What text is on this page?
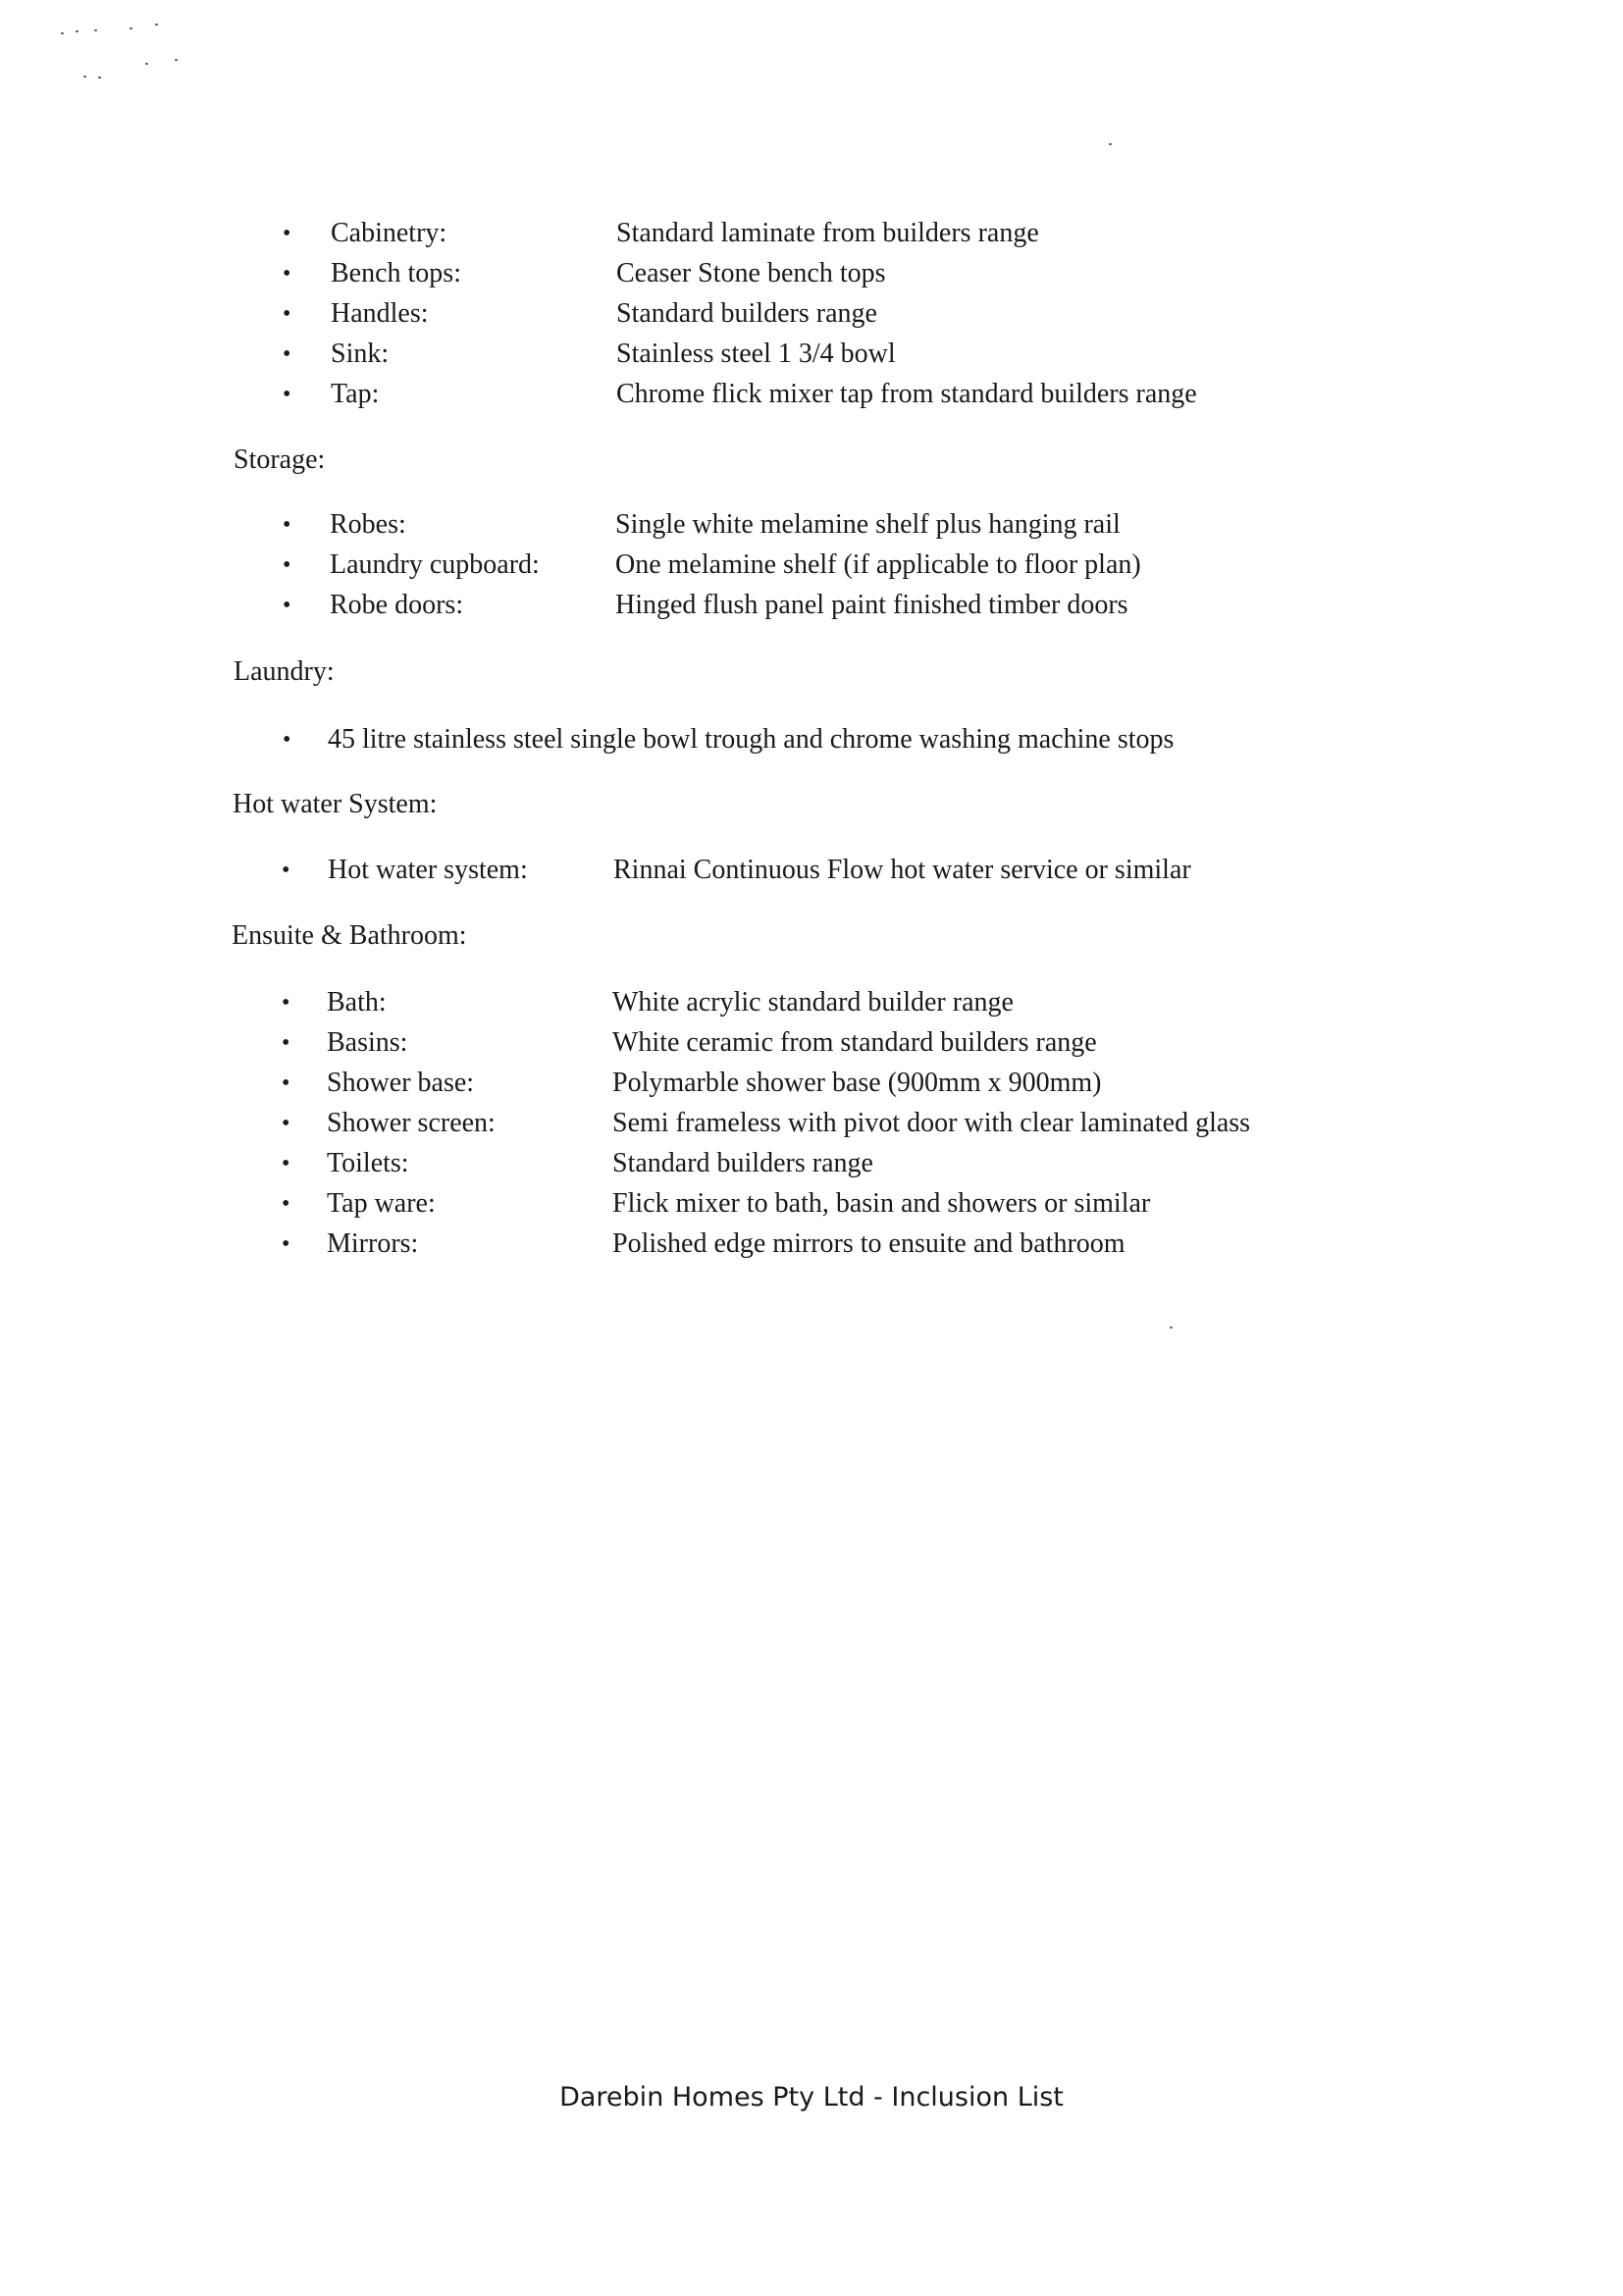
• Cabinetry:	Standard laminate from builders range
• Bench tops:	Ceaser Stone bench tops
• Handles:	Standard builders range
• Sink:	Stainless steel 1 3/4 bowl
• Tap:	Chrome flick mixer tap from standard builders range
Storage:
• Robes:	Single white melamine shelf plus hanging rail
• Laundry cupboard:	One melamine shelf (if applicable to floor plan)
• Robe doors:	Hinged flush panel paint finished timber doors
Laundry:
• 45 litre stainless steel single bowl trough and chrome washing machine stops
Hot water System:
• Hot water system:	Rinnai Continuous Flow hot water service or similar
Ensuite & Bathroom:
• Bath:	White acrylic standard builder range
• Basins:	White ceramic from standard builders range
• Shower base:	Polymarble shower base (900mm x 900mm)
• Shower screen:	Semi frameless with pivot door with clear laminated glass
• Toilets:	Standard builders range
• Tap ware:	Flick mixer to bath, basin and showers or similar
• Mirrors:	Polished edge mirrors to ensuite and bathroom
Darebin Homes Pty Ltd - Inclusion List
